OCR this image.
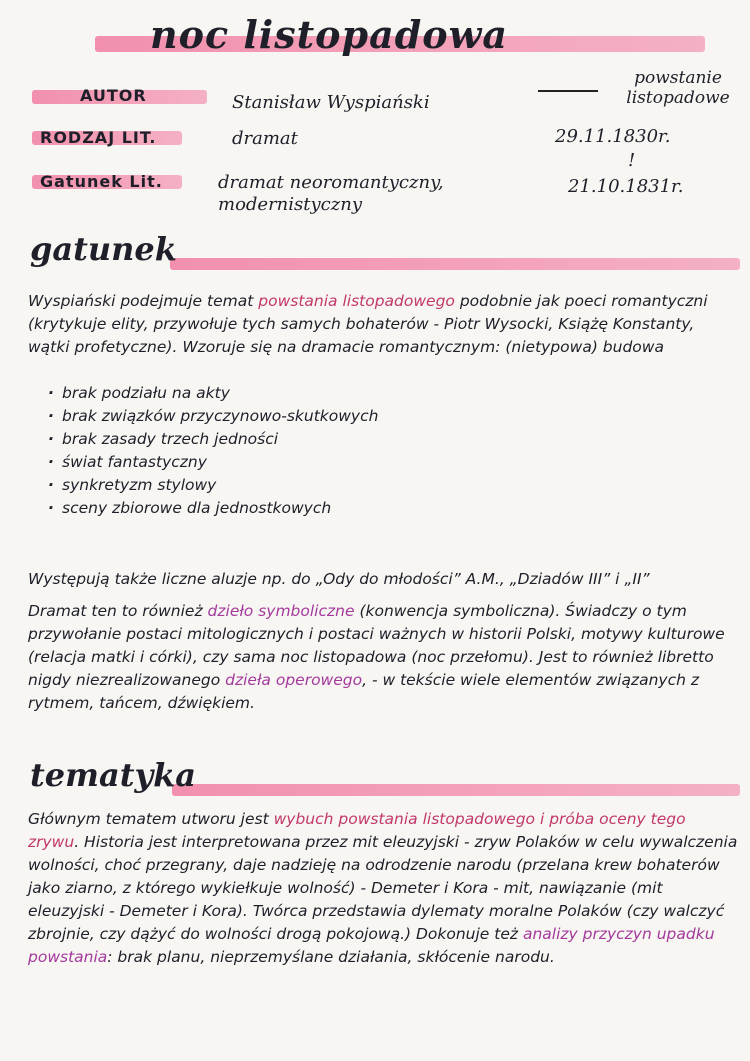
noc listopadowa
AUTOR	Stanisław Wyspiański
RODZAJ LIT.	dramat
Gatunek Lit.	dramat neoromantyczny, modernistyczny
powstanie listopadowe
29.11.1830r.
!
21.10.1831r.
gatunek
Wyspiański podejmuje temat powstania listopadowego podobnie jak poeci romantyczni (krytykuje elity, przywołuje tych samych bohaterów - Piotr Wysocki, Książę Konstanty, wątki profetyczne). Wzoruje się na dramacie romantycznym: (nietypowa) budowa
· brak podziału na akty
· brak związków przyczynowo-skutkowych
· brak zasady trzech jedności
· świat fantastyczny
· synkretyzm stylowy
· sceny zbiorowe dla jednostkowych
Występują także liczne aluzje np. do „Ody do młodości” A.M., „Dziadów III” i „II”
Dramat ten to również dzieło symboliczne (konwencja symboliczna). Świadczy o tym przywołanie postaci mitologicznych i postaci ważnych w historii Polski, motywy kulturowe (relacja matki i córki), czy sama noc listopadowa (noc przełomu). Jest to również libretto nigdy niezrealizowanego dzieła operowego, - w tekście wiele elementów związanych z rytmem, tańcem, dźwiękiem.
tematyka
Głównym tematem utworu jest wybuch powstania listopadowego i próba oceny tego zrywu. Historia jest interpretowana przez mit eleuzyjski - zryw Polaków w celu wywalczenia wolności, choć przegrany, daje nadzieję na odrodzenie narodu (przelana krew bohaterów jako ziarno, z którego wykiełkuje wolność) - Demeter i Kora - mit, nawiązanie (mit eleuzyjski - Demeter i Kora). Twórca przedstawia dylematy moralne Polaków (czy walczyć zbrojnie, czy dążyć do wolności drogą pokojową.) Dokonuje też analizy przyczyn upadku powstania: brak planu, nieprzemyślane działania, skłócenie narodu.
